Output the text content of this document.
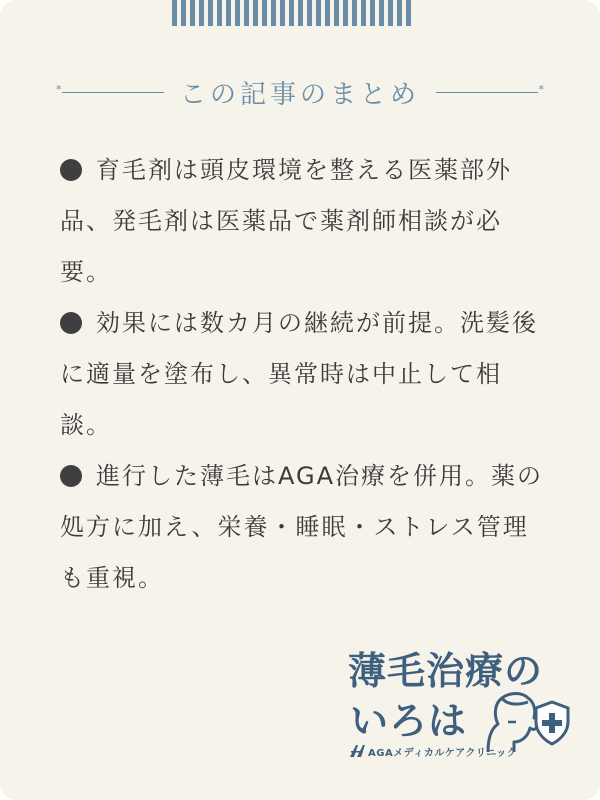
*
この記事のまとめ
*

育毛剤は頭皮環境を整える医薬部外品、発毛剤は医薬品で薬剤師相談が必要。

効果には数カ月の継続が前提。洗髪後に適量を塗布し、異常時は中止して相談。

進行した薄毛はAGA治療を併用。薬の処方に加え、栄養・睡眠・ストレス管理も重視。

薄毛治療の
いろは
AGAメディカルケアクリニック
